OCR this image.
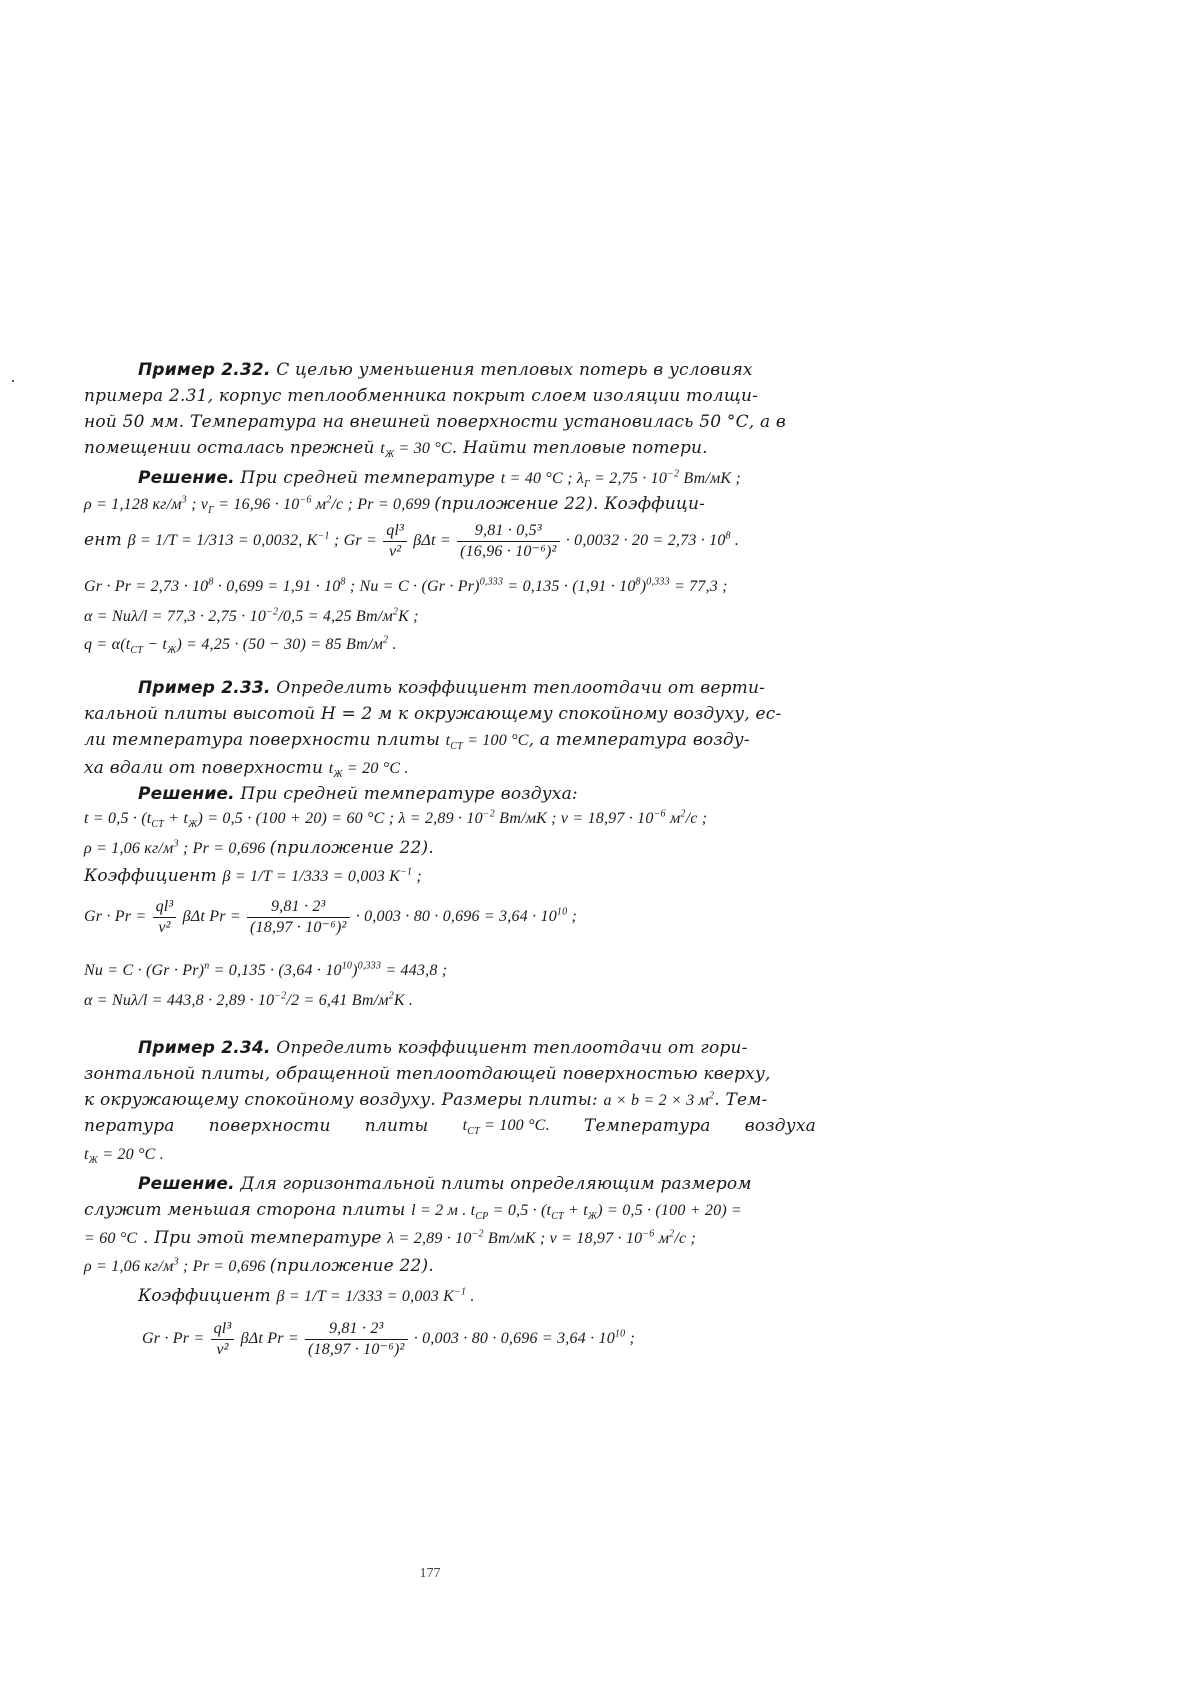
Пример 2.32. С целью уменьшения тепловых потерь в условиях
примера 2.31, корпус теплообменника покрыт слоем изоляции толщи-
ной 50 мм. Температура на внешней поверхности установилась 50 °С, а в
помещении осталась прежней $t_Ж = 30$ °C. Найти тепловые потери.
Решение. При средней температуре t = 40 °C ; $\lambda_Г = 2,75 \cdot 10^{-2}$ Вт/мК ;
ρ = 1,128 $кг/м^3$ ; $\nu_Г = 16,96 \cdot 10^{-6}$ $м^2/с$ ; Pr = 0,699 (приложение 22). Коэффици-
ент β = 1/T = 1/313 = 0,0032, $K^{-1}$ ; $Gr = \frac{\text{ql³}}{\text{ν²}}$ $\beta\Delta t = \frac{\text{9,81 · 0,5³}}{\text{(16,96 · 10⁻⁶)²}} \cdot 0,0032 \cdot 20 = 2,73 \cdot 10^8$ .
$Gr \cdot Pr = 2,73 \cdot 10^8 \cdot 0,699 = 1,91 \cdot 10^8$ ; $Nu = C \cdot (Gr \cdot Pr)^{0,333} = 0,135 \cdot (1,91 \cdot 10^8)^{0,333} = 77,3$ ;
$\alpha = Nu\lambda/l = 77,3 \cdot 2,75 \cdot 10^{-2}/0,5 = 4,25$ $Вт/м^2К$ ;
$q = \alpha(t_{СТ} - t_Ж) = 4,25 \cdot (50 - 30) = 85$ $Вт/м^2$ .
Пример 2.33. Определить коэффициент теплоотдачи от верти-
кальной плиты высотой H = 2 м к окружающему спокойному воздуху, ес-
ли температура поверхности плиты $t_{СТ} = 100$ °C, а температура возду-
ха вдали от поверхности $t_Ж = 20$ °C .
Решение. При средней температуре воздуха:
$t = 0,5 \cdot (t_{СТ} + t_Ж) = 0,5 \cdot (100 + 20) = 60$ °C ; $\lambda = 2,89 \cdot 10^{-2}$ Вт/мК ; $\nu = 18,97 \cdot 10^{-6}$ $м^2/с$ ;
ρ = 1,06 $кг/м^3$ ; Pr = 0,696 (приложение 22).
Коэффициент β = 1/T = 1/333 = 0,003 $K^{-1}$ ;
$Gr \cdot Pr = \frac{\text{ql³}}{\text{ν²}}$ βΔt $Pr = \frac{\text{9,81 · 2³}}{\text{(18,97 · 10⁻⁶)²}} \cdot 0,003 \cdot 80 \cdot 0,696 = 3,64 \cdot 10^{10}$ ;
$Nu = C \cdot (Gr \cdot Pr)^n = 0,135 \cdot (3,64 \cdot 10^{10})^{0,333} = 443,8$ ;
$\alpha = Nu\lambda/l = 443,8 \cdot 2,89 \cdot 10^{-2}/2 = 6,41$ $Вт/м^2К$ .
Пример 2.34. Определить коэффициент теплоотдачи от гори-
зонтальной плиты, обращенной теплоотдающей поверхностью кверху,
к окружающему спокойному воздуху. Размеры плиты: a × b = 2 × 3 $м^2$. Тем-
пература поверхности плиты $t_{СТ} = 100$ °C. Температура воздуха
$t_Ж = 20$ °C .
Решение. Для горизонтальной плиты определяющим размером
служит меньшая сторона плиты l = 2 м . $t_{СР} = 0,5 \cdot (t_{СТ} + t_Ж) = 0,5 \cdot (100 + 20)$ =
= 60 °C . При этой температуре $\lambda = 2,89 \cdot 10^{-2}$ Вт/мК ; $\nu = 18,97 \cdot 10^{-6}$ $м^2/с$ ;
ρ = 1,06 $кг/м^3$ ; Pr = 0,696 (приложение 22).
Коэффициент β = 1/T = 1/333 = 0,003 $K^{-1}$ .
$Gr \cdot Pr = \frac{\text{ql³}}{\text{ν²}}$ βΔt $Pr = \frac{\text{9,81 · 2³}}{\text{(18,97 · 10⁻⁶)²}} \cdot 0,003 \cdot 80 \cdot 0,696 = 3,64 \cdot 10^{10}$ ;
177
